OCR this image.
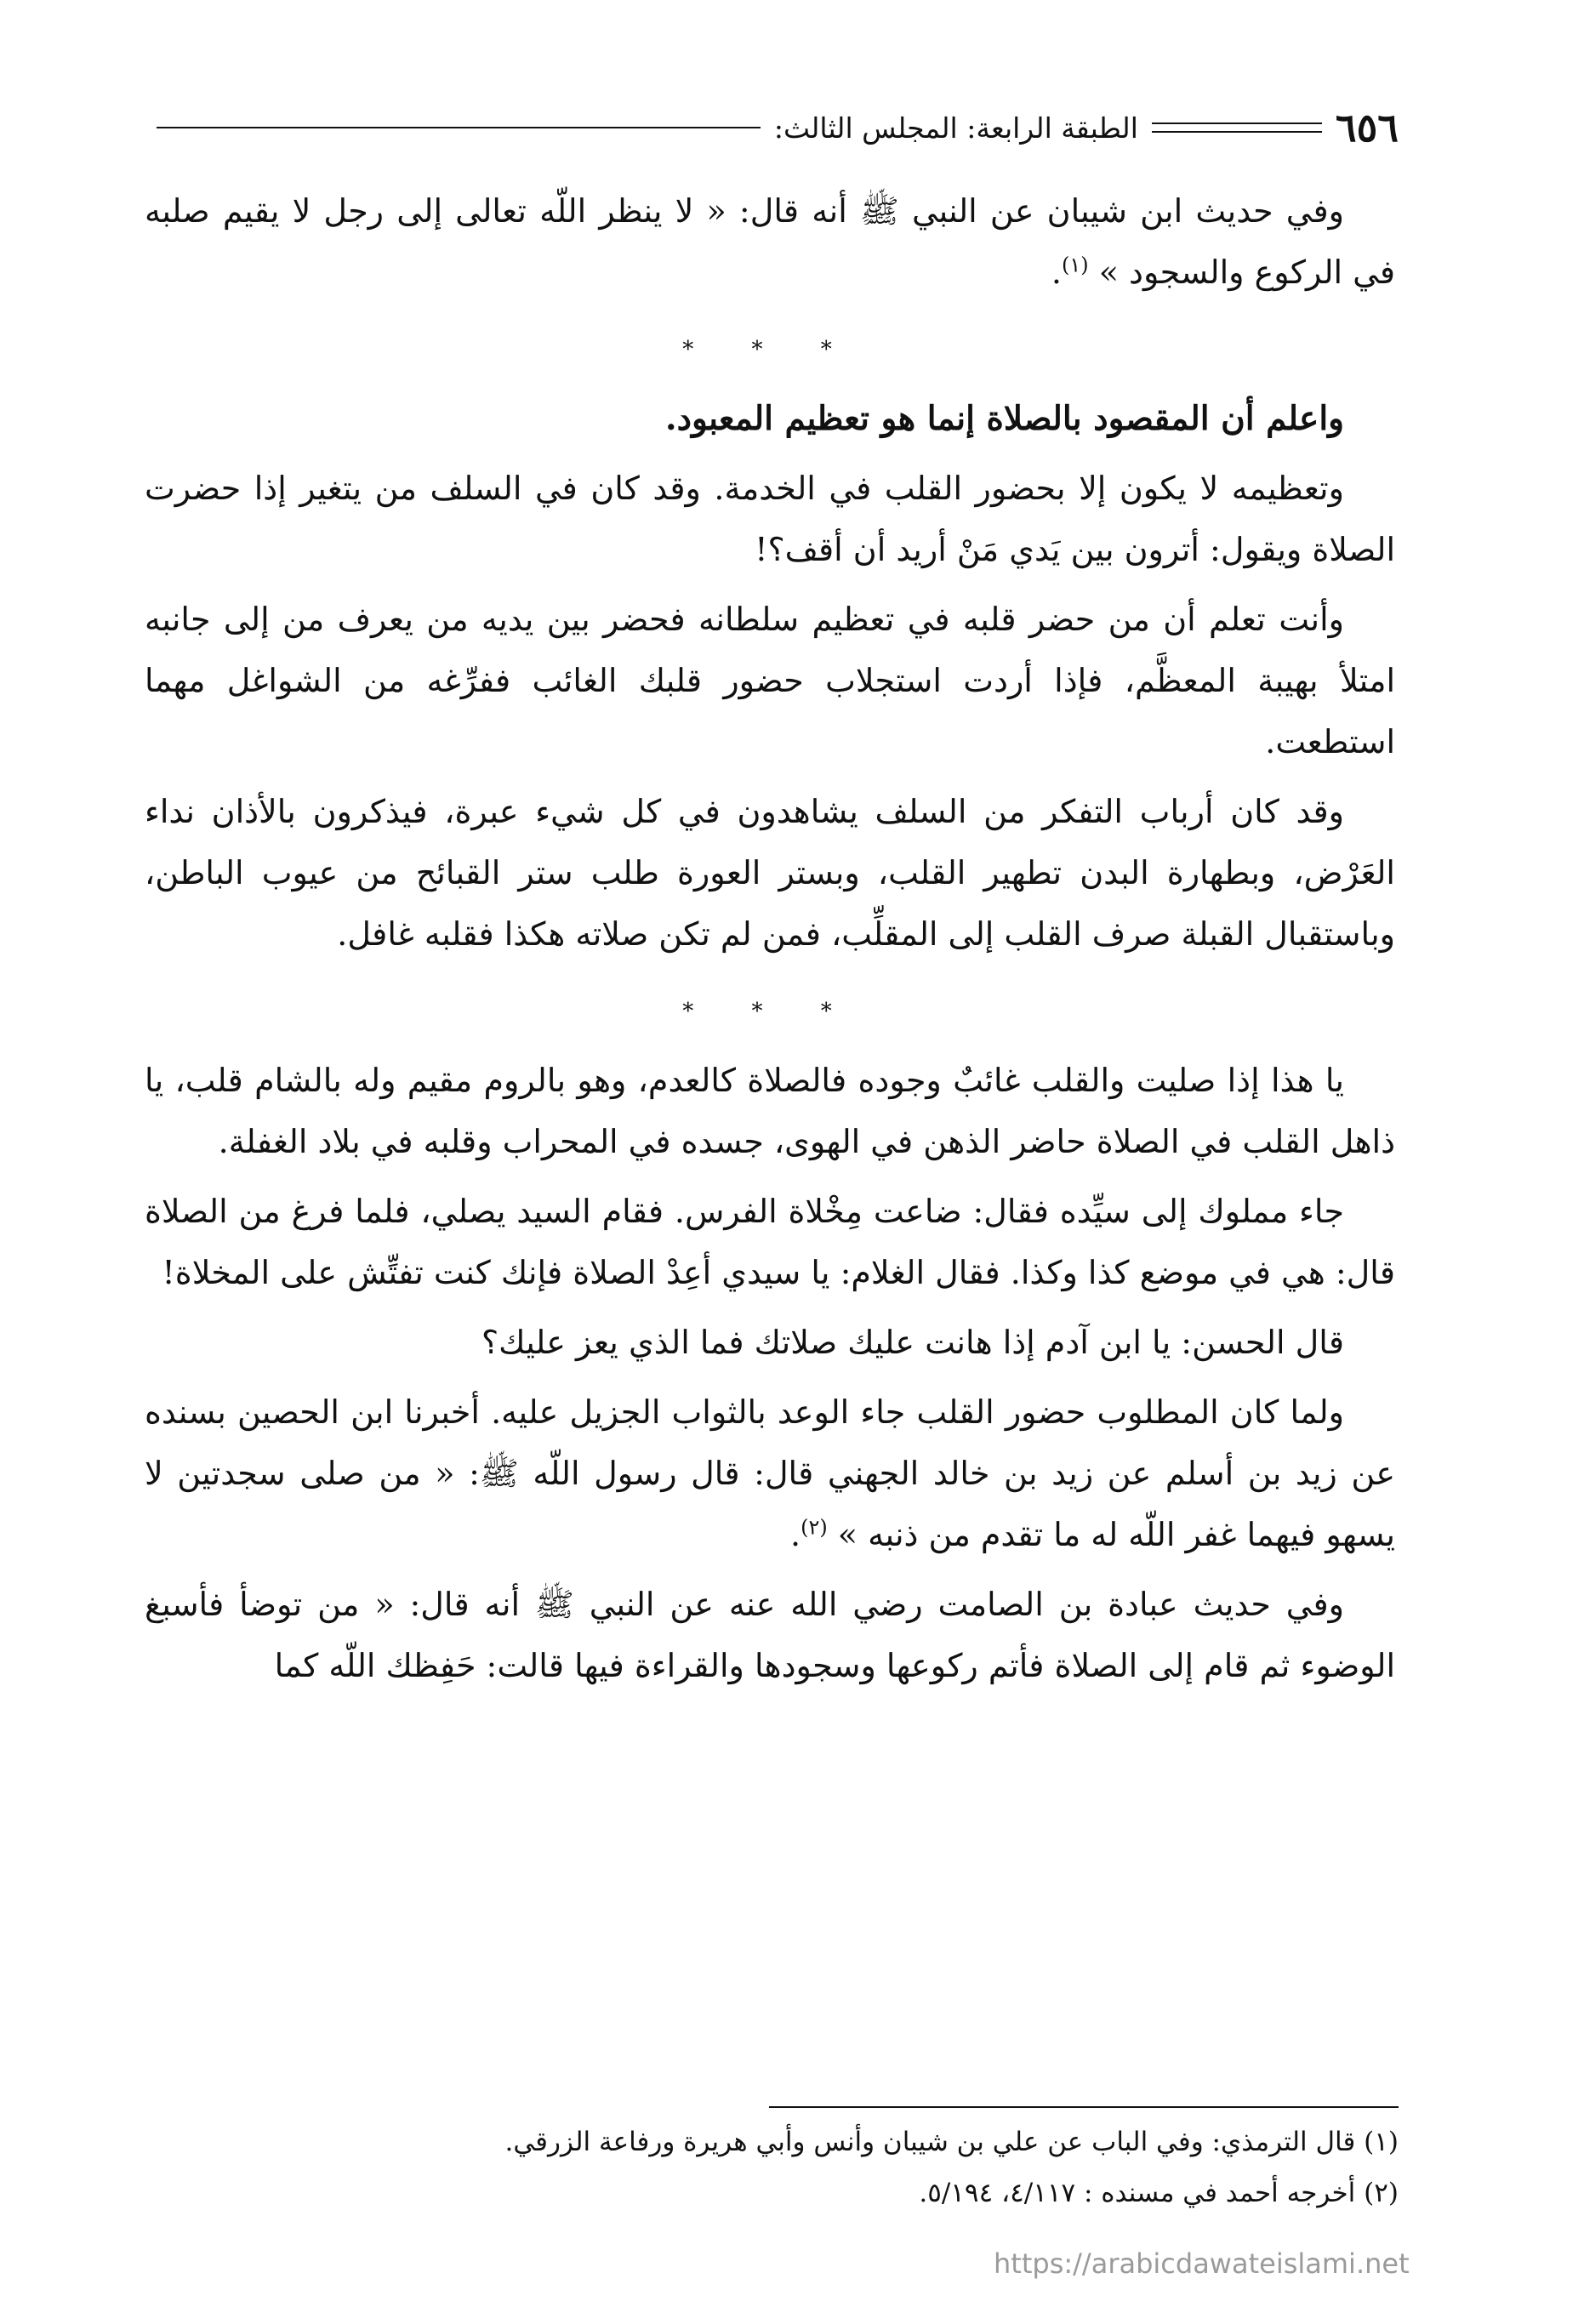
٦٥٦
الطبقة الرابعة: المجلس الثالث:

وفي حديث ابن شيبان عن النبي ﷺ أنه قال: « لا ينظر اللّه تعالى إلى رجل لا يقيم صلبه في الركوع والسجود » $^{(١)}$.

* * *

واعلم أن المقصود بالصلاة إنما هو تعظيم المعبود.

وتعظيمه لا يكون إلا بحضور القلب في الخدمة. وقد كان في السلف من يتغير إذا حضرت الصلاة ويقول: أترون بين يَدي مَنْ أريد أن أقف؟!

وأنت تعلم أن من حضر قلبه في تعظيم سلطانه فحضر بين يديه من يعرف من إلى جانبه امتلأ بهيبة المعظَّم، فإذا أردت استجلاب حضور قلبك الغائب ففرِّغه من الشواغل مهما استطعت.

وقد كان أرباب التفكر من السلف يشاهدون في كل شيء عبرة، فيذكرون بالأذان نداء العَرْض، وبطهارة البدن تطهير القلب، وبستر العورة طلب ستر القبائح من عيوب الباطن، وباستقبال القبلة صرف القلب إلى المقلِّب، فمن لم تكن صلاته هكذا فقلبه غافل.

* * *

يا هذا إذا صليت والقلب غائبٌ وجوده فالصلاة كالعدم، وهو بالروم مقيم وله بالشام قلب، يا ذاهل القلب في الصلاة حاضر الذهن في الهوى، جسده في المحراب وقلبه في بلاد الغفلة.

جاء مملوك إلى سيِّده فقال: ضاعت مِخْلاة الفرس. فقام السيد يصلي، فلما فرغ من الصلاة قال: هي في موضع كذا وكذا. فقال الغلام: يا سيدي أعِدْ الصلاة فإنك كنت تفتِّش على المخلاة!

قال الحسن: يا ابن آدم إذا هانت عليك صلاتك فما الذي يعز عليك؟

ولما كان المطلوب حضور القلب جاء الوعد بالثواب الجزيل عليه. أخبرنا ابن الحصين بسنده عن زيد بن أسلم عن زيد بن خالد الجهني قال: قال رسول اللّه ﷺ: « من صلى سجدتين لا يسهو فيهما غفر اللّه له ما تقدم من ذنبه » $^{(٢)}$.

وفي حديث عبادة بن الصامت رضي الله عنه عن النبي ﷺ أنه قال: « من توضأ فأسبغ الوضوء ثم قام إلى الصلاة فأتم ركوعها وسجودها والقراءة فيها قالت: حَفِظك اللّه كما

(١) قال الترمذي: وفي الباب عن علي بن شيبان وأنس وأبي هريرة ورفاعة الزرقي.

(٢) أخرجه أحمد في مسنده : ٤/١١٧، ٥/١٩٤.

https://arabicdawateislami.net
